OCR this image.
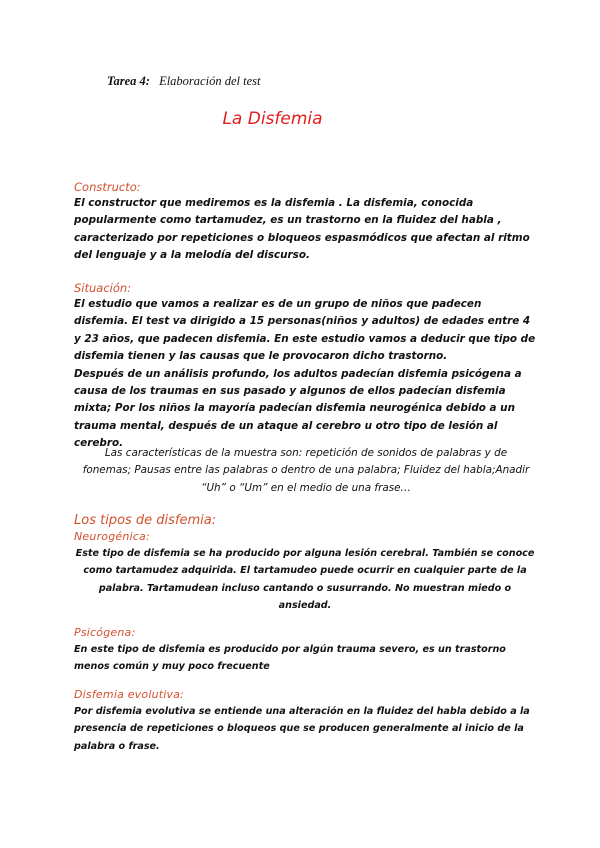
Tarea 4: Elaboración del test
La Disfemia
Constructo:

El constructor que mediremos es la disfemia . La disfemia, conocida popularmente como tartamudez, es un trastorno en la fluidez del habla , caracterizado por repeticiones o bloqueos espasmódicos que afectan al ritmo del lenguaje y a la melodía del discurso.

Situación:

El estudio que vamos a realizar es de un grupo de niños que padecen disfemia. El test va dirigido a 15 personas(niños y adultos) de edades entre 4 y 23 años, que padecen disfemia. En este estudio vamos a deducir que tipo de disfemia tienen y las causas que le provocaron dicho trastorno.

Después de un análisis profundo, los adultos padecían disfemia psicógena a causa de los traumas en sus pasado y algunos de ellos padecían disfemia mixta; Por los niños la mayoría padecían disfemia neurogénica debido a un trauma mental, después de un ataque al cerebro u otro tipo de lesión al cerebro.

Las características de la muestra son: repetición de sonidos de palabras y de fonemas; Pausas entre las palabras o dentro de una palabra; Fluidez del habla;Anadir “Uh” o “Um” en el medio de una frase…

Los tipos de disfemia:
Neurogénica:

Este tipo de disfemia se ha producido por alguna lesión cerebral. También se conoce como tartamudez adquirida. El tartamudeo puede ocurrir en cualquier parte de la palabra. Tartamudean incluso cantando o susurrando. No muestran miedo o ansiedad.

Psicógena:

En este tipo de disfemia es producido por algún trauma severo, es un trastorno menos común y muy poco frecuente

Disfemia evolutiva:

Por disfemia evolutiva se entiende una alteración en la fluidez del habla debido a la presencia de repeticiones o bloqueos que se producen generalmente al inicio de la palabra o frase.
